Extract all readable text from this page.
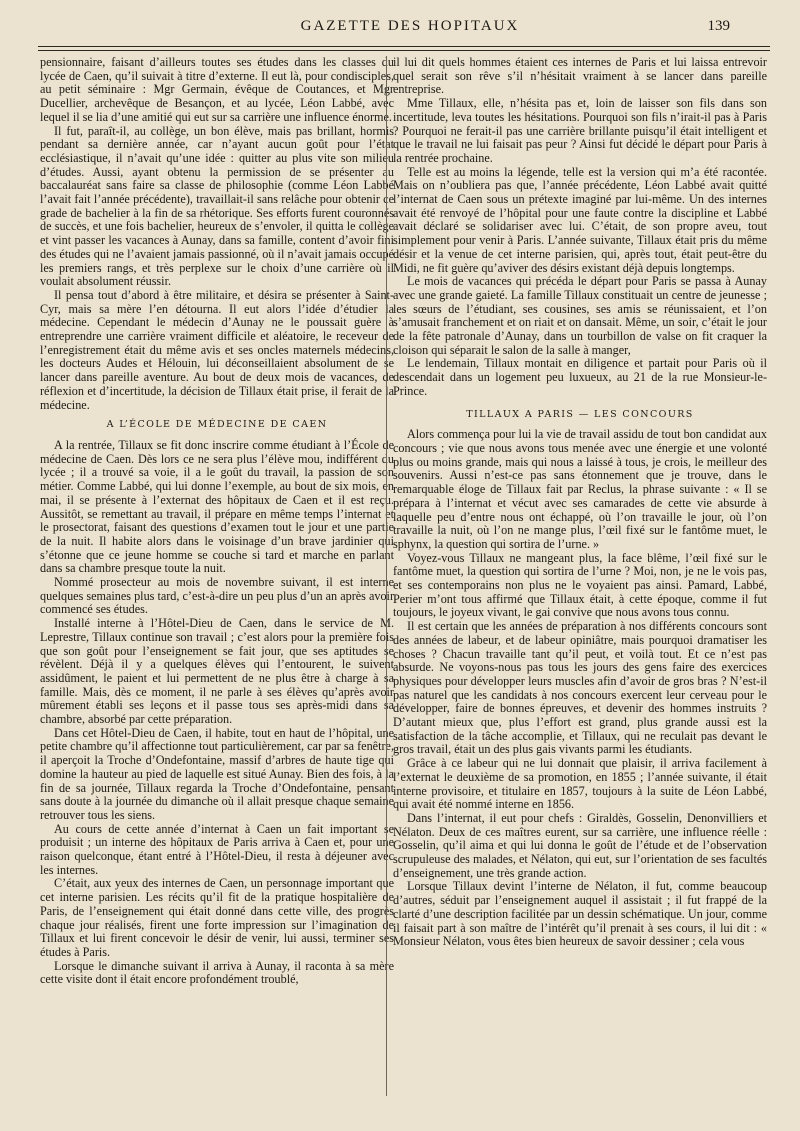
GAZETTE DES HOPITAUX	139

pensionnaire, faisant d’ailleurs toutes ses études dans les classes du lycée de Caen, qu’il suivait à titre d’externe. Il eut là, pour condisciples, au petit séminaire : Mgr Germain, évêque de Coutances, et Mgr Ducellier, archevêque de Besançon, et au lycée, Léon Labbé, avec lequel il se lia d’une amitié qui eut sur sa carrière une influence énorme.

Il fut, paraît-il, au collège, un bon élève, mais pas brillant, hormis pendant sa dernière année, car n’ayant aucun goût pour l’état ecclésiastique, il n’avait qu’une idée : quitter au plus vite son milieu d’études. Aussi, ayant obtenu la permission de se présenter au baccalauréat sans faire sa classe de philosophie (comme Léon Labbé l’avait fait l’année précédente), travaillait-il sans relâche pour obtenir ce grade de bachelier à la fin de sa rhétorique. Ses efforts furent couronnés de succès, et une fois bachelier, heureux de s’envoler, il quitta le collège et vint passer les vacances à Aunay, dans sa famille, content d’avoir fini des études qui ne l’avaient jamais passionné, où il n’avait jamais occupé les premiers rangs, et très perplexe sur le choix d’une carrière où il voulait absolument réussir.

Il pensa tout d’abord à être militaire, et désira se présenter à Saint-Cyr, mais sa mère l’en détourna. Il eut alors l’idée d’étudier la médecine. Cependant le médecin d’Aunay ne le poussait guère à entreprendre une carrière vraiment difficile et aléatoire, le receveur de l’enregistrement était du même avis et ses oncles maternels médecins, les docteurs Audes et Hélouin, lui déconseillaient absolument de se lancer dans pareille aventure. Au bout de deux mois de vacances, de réflexion et d’incertitude, la décision de Tillaux était prise, il ferait de la médecine.

A L’ÉCOLE DE MÉDECINE DE CAEN

A la rentrée, Tillaux se fit donc inscrire comme étudiant à l’École de médecine de Caen. Dès lors ce ne sera plus l’élève mou, indifférent du lycée ; il a trouvé sa voie, il a le goût du travail, la passion de son métier. Comme Labbé, qui lui donne l’exemple, au bout de six mois, en mai, il se présente à l’externat des hôpitaux de Caen et il est reçu. Aussitôt, se remettant au travail, il prépare en même temps l’internat et le prosectorat, faisant des questions d’examen tout le jour et une partie de la nuit. Il habite alors dans le voisinage d’un brave jardinier qui s’étonne que ce jeune homme se couche si tard et marche en parlant dans sa chambre presque toute la nuit.

Nommé prosecteur au mois de novembre suivant, il est interne quelques semaines plus tard, c’est-à-dire un peu plus d’un an après avoir commencé ses études.

Installé interne à l’Hôtel-Dieu de Caen, dans le service de M. Leprestre, Tillaux continue son travail ; c’est alors pour la première fois que son goût pour l’enseignement se fait jour, que ses aptitudes se révèlent. Déjà il y a quelques élèves qui l’entourent, le suivent assidûment, le paient et lui permettent de ne plus être à charge à sa famille. Mais, dès ce moment, il ne parle à ses élèves qu’après avoir mûrement établi ses leçons et il passe tous ses après-midi dans sa chambre, absorbé par cette préparation.

Dans cet Hôtel-Dieu de Caen, il habite, tout en haut de l’hôpital, une petite chambre qu’il affectionne tout particulièrement, car par sa fenêtre, il aperçoit la Troche d’Ondefontaine, massif d’arbres de haute tige qui domine la hauteur au pied de laquelle est situé Aunay. Bien des fois, à la fin de sa journée, Tillaux regarda la Troche d’Ondefontaine, pensant sans doute à la journée du dimanche où il allait presque chaque semaine retrouver tous les siens.

Au cours de cette année d’internat à Caen un fait important se produisit ; un interne des hôpitaux de Paris arriva à Caen et, pour une raison quelconque, étant entré à l’Hôtel-Dieu, il resta à déjeuner avec les internes.

C’était, aux yeux des internes de Caen, un personnage important que cet interne parisien. Les récits qu’il fit de la pratique hospitalière de Paris, de l’enseignement qui était donné dans cette ville, des progrès chaque jour réalisés, firent une forte impression sur l’imagination de Tillaux et lui firent concevoir le désir de venir, lui aussi, terminer ses études à Paris.

Lorsque le dimanche suivant il arriva à Aunay, il raconta à sa mère cette visite dont il était encore profondément troublé,

il lui dit quels hommes étaient ces internes de Paris et lui laissa entrevoir quel serait son rêve s’il n’hésitait vraiment à se lancer dans pareille entreprise.

Mme Tillaux, elle, n’hésita pas et, loin de laisser son fils dans son incertitude, leva toutes les hésitations. Pourquoi son fils n’irait-il pas à Paris ? Pourquoi ne ferait-il pas une carrière brillante puisqu’il était intelligent et que le travail ne lui faisait pas peur ? Ainsi fut décidé le départ pour Paris à la rentrée prochaine.

Telle est au moins la légende, telle est la version qui m’a été racontée. Mais on n’oubliera pas que, l’année précédente, Léon Labbé avait quitté l’internat de Caen sous un prétexte imaginé par lui-même. Un des internes avait été renvoyé de l’hôpital pour une faute contre la discipline et Labbé avait déclaré se solidariser avec lui. C’était, de son propre aveu, tout simplement pour venir à Paris. L’année suivante, Tillaux était pris du même désir et la venue de cet interne parisien, qui, après tout, était peut-être du Midi, ne fit guère qu’aviver des désirs existant déjà depuis longtemps.

Le mois de vacances qui précéda le départ pour Paris se passa à Aunay avec une grande gaieté. La famille Tillaux constituait un centre de jeunesse ; les sœurs de l’étudiant, ses cousines, ses amis se réunissaient, et l’on s’amusait franchement et on riait et on dansait. Même, un soir, c’était le jour de la fête patronale d’Aunay, dans un tourbillon de valse on fit craquer la cloison qui séparait le salon de la salle à manger,

Le lendemain, Tillaux montait en diligence et partait pour Paris où il descendait dans un logement peu luxueux, au 21 de la rue Monsieur-le-Prince.

TILLAUX A PARIS — LES CONCOURS

Alors commença pour lui la vie de travail assidu de tout bon candidat aux concours ; vie que nous avons tous menée avec une énergie et une volonté plus ou moins grande, mais qui nous a laissé à tous, je crois, le meilleur des souvenirs. Aussi n’est-ce pas sans étonnement que je trouve, dans le remarquable éloge de Tillaux fait par Reclus, la phrase suivante : « Il se prépara à l’internat et vécut avec ses camarades de cette vie absurde à laquelle peu d’entre nous ont échappé, où l’on travaille le jour, où l’on travaille la nuit, où l’on ne mange plus, l’œil fixé sur le fantôme muet, le sphynx, la question qui sortira de l’urne. »

Voyez-vous Tillaux ne mangeant plus, la face blême, l’œil fixé sur le fantôme muet, la question qui sortira de l’urne ? Moi, non, je ne le vois pas, et ses contemporains non plus ne le voyaient pas ainsi. Pamard, Labbé, Perier m’ont tous affirmé que Tillaux était, à cette époque, comme il fut toujours, le joyeux vivant, le gai convive que nous avons tous connu.

Il est certain que les années de préparation à nos différents concours sont des années de labeur, et de labeur opiniâtre, mais pourquoi dramatiser les choses ? Chacun travaille tant qu’il peut, et voilà tout. Et ce n’est pas absurde. Ne voyons-nous pas tous les jours des gens faire des exercices physiques pour développer leurs muscles afin d’avoir de gros bras ? N’est-il pas naturel que les candidats à nos concours exercent leur cerveau pour le développer, faire de bonnes épreuves, et devenir des hommes instruits ? D’autant mieux que, plus l’effort est grand, plus grande aussi est la satisfaction de la tâche accomplie, et Tillaux, qui ne reculait pas devant le gros travail, était un des plus gais vivants parmi les étudiants.

Grâce à ce labeur qui ne lui donnait que plaisir, il arriva facilement à l’externat le deuxième de sa promotion, en 1855 ; l’année suivante, il était interne provisoire, et titulaire en 1857, toujours à la suite de Léon Labbé, qui avait été nommé interne en 1856.

Dans l’internat, il eut pour chefs : Giraldès, Gosselin, Denonvilliers et Nélaton. Deux de ces maîtres eurent, sur sa carrière, une influence réelle : Gosselin, qu’il aima et qui lui donna le goût de l’étude et de l’observation scrupuleuse des malades, et Nélaton, qui eut, sur l’orientation de ses facultés d’enseignement, une très grande action.

Lorsque Tillaux devint l’interne de Nélaton, il fut, comme beaucoup d’autres, séduit par l’enseignement auquel il assistait ; il fut frappé de la clarté d’une description facilitée par un dessin schématique. Un jour, comme il faisait part à son maître de l’intérêt qu’il prenait à ses cours, il lui dit : « Monsieur Nélaton, vous êtes bien heureux de savoir dessiner ; cela vous
